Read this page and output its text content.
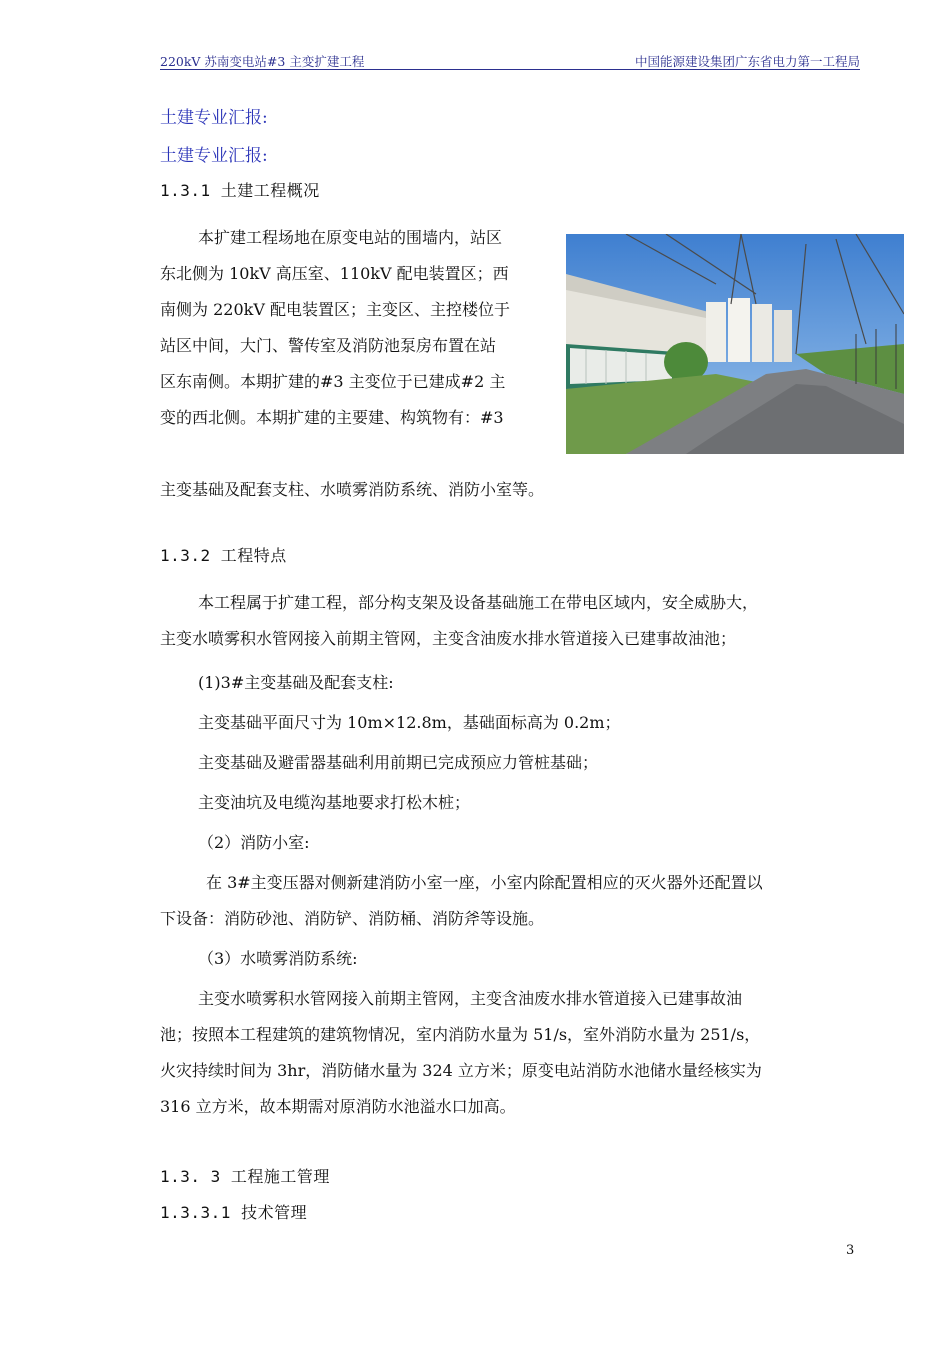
220kV 苏南变电站#3 主变扩建工程	中国能源建设集团广东省电力第一工程局
土建专业汇报:
土建专业汇报:
1.3.1 土建工程概况
本扩建工程场地在原变电站的围墙内，站区
东北侧为 10kV 高压室、110kV 配电装置区；西
南侧为 220kV 配电装置区；主变区、主控楼位于
站区中间，大门、警传室及消防池泵房布置在站
区东南侧。本期扩建的#3 主变位于已建成#2 主
变的西北侧。本期扩建的主要建、构筑物有：#3
主变基础及配套支柱、水喷雾消防系统、消防小室等。
1.3.2 工程特点
本工程属于扩建工程，部分构支架及设备基础施工在带电区域内，安全威胁大，
主变水喷雾积水管网接入前期主管网，主变含油废水排水管道接入已建事故油池；
(1)3#主变基础及配套支柱:
主变基础平面尺寸为 10m×12.8m，基础面标高为 0.2m；
主变基础及避雷器基础利用前期已完成预应力管桩基础；
主变油坑及电缆沟基地要求打松木桩；
（2）消防小室:
在 3#主变压器对侧新建消防小室一座，小室内除配置相应的灭火器外还配置以
下设备：消防砂池、消防铲、消防桶、消防斧等设施。
（3）水喷雾消防系统:
主变水喷雾积水管网接入前期主管网，主变含油废水排水管道接入已建事故油
池；按照本工程建筑的建筑物情况，室内消防水量为 51/s，室外消防水量为 251/s，
火灾持续时间为 3hr，消防储水量为 324 立方米；原变电站消防水池储水量经核实为
316 立方米，故本期需对原消防水池溢水口加高。
1.3. 3 工程施工管理
1.3.3.1 技术管理
3
